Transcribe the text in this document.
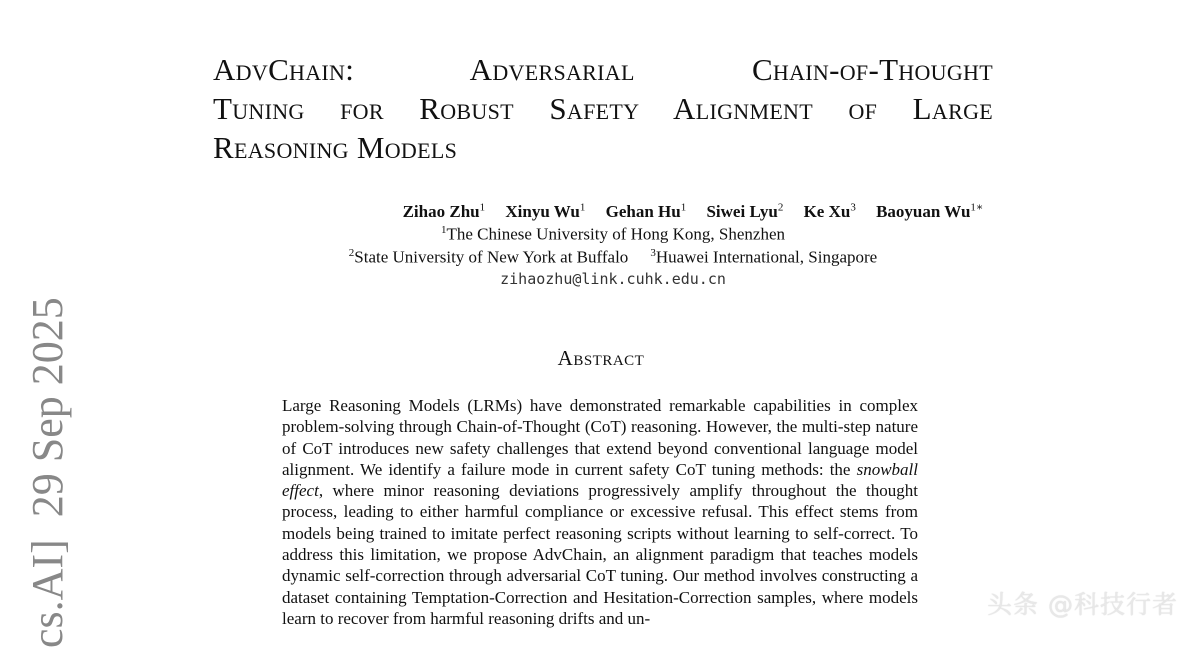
AdvChain:	Adversarial	Chain-of-Thought
Tuning for Robust Safety Alignment of Large
Reasoning Models
Zihao Zhu$^1$ Xinyu Wu$^1$ Gehan Hu$^1$ Siwei Lyu$^2$ Ke Xu$^3$ Baoyuan $Wu^{1∗}$
$^1$The Chinese University of Hong Kong, Shenzhen
$^2$State University of New York at Buffalo $^3$Huawei International, Singapore
zihaozhu@link.cuhk.edu.cn
Abstract

Large Reasoning Models (LRMs) have demonstrated remarkable capabilities in complex problem-solving through Chain-of-Thought (CoT) reasoning. However, the multi-step nature of CoT introduces new safety challenges that extend beyond conventional language model alignment. We identify a failure mode in current safety CoT tuning methods: the snowball effect, where minor reasoning deviations progressively amplify throughout the thought process, leading to either harmful compliance or excessive refusal. This effect stems from models being trained to imitate perfect reasoning scripts without learning to self-correct. To address this limitation, we propose AdvChain, an alignment paradigm that teaches models dynamic self-correction through adversarial CoT tuning. Our method involves constructing a dataset containing Temptation-Correction and Hesitation-Correction samples, where models learn to recover from harmful reasoning drifts and un-

cs.AI]29 Sep 2025
头条 @科技行者
